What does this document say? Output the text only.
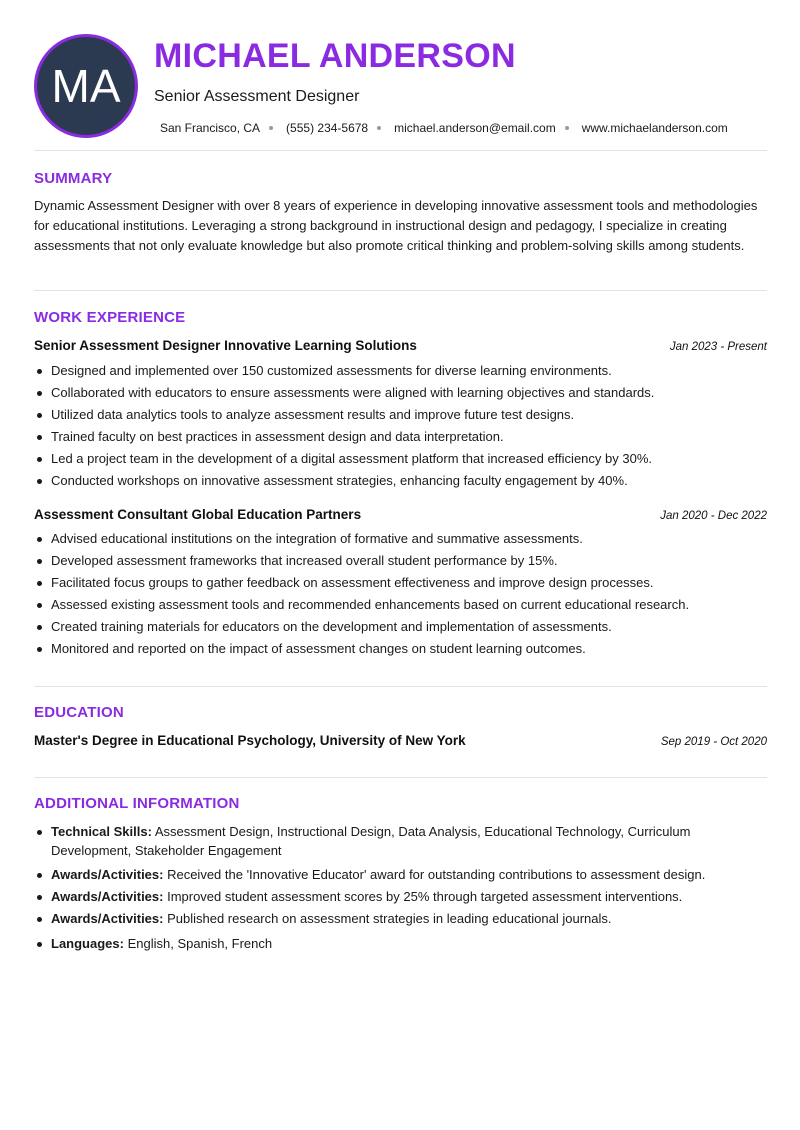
MA
MICHAEL ANDERSON
Senior Assessment Designer
San Francisco, CA (555) 234-5678 michael.anderson@email.com www.michaelanderson.com
SUMMARY
Dynamic Assessment Designer with over 8 years of experience in developing innovative assessment tools and methodologies for educational institutions. Leveraging a strong background in instructional design and pedagogy, I specialize in creating assessments that not only evaluate knowledge but also promote critical thinking and problem-solving skills among students.
WORK EXPERIENCE
Senior Assessment Designer Innovative Learning Solutions	Jan 2023 - Present
Designed and implemented over 150 customized assessments for diverse learning environments.
Collaborated with educators to ensure assessments were aligned with learning objectives and standards.
Utilized data analytics tools to analyze assessment results and improve future test designs.
Trained faculty on best practices in assessment design and data interpretation.
Led a project team in the development of a digital assessment platform that increased efficiency by 30%.
Conducted workshops on innovative assessment strategies, enhancing faculty engagement by 40%.
Assessment Consultant Global Education Partners	Jan 2020 - Dec 2022
Advised educational institutions on the integration of formative and summative assessments.
Developed assessment frameworks that increased overall student performance by 15%.
Facilitated focus groups to gather feedback on assessment effectiveness and improve design processes.
Assessed existing assessment tools and recommended enhancements based on current educational research.
Created training materials for educators on the development and implementation of assessments.
Monitored and reported on the impact of assessment changes on student learning outcomes.
EDUCATION
Master's Degree in Educational Psychology, University of New York	Sep 2019 - Oct 2020
ADDITIONAL INFORMATION
Technical Skills: Assessment Design, Instructional Design, Data Analysis, Educational Technology, Curriculum Development, Stakeholder Engagement
Awards/Activities: Received the 'Innovative Educator' award for outstanding contributions to assessment design.
Awards/Activities: Improved student assessment scores by 25% through targeted assessment interventions.
Awards/Activities: Published research on assessment strategies in leading educational journals.
Languages: English, Spanish, French
